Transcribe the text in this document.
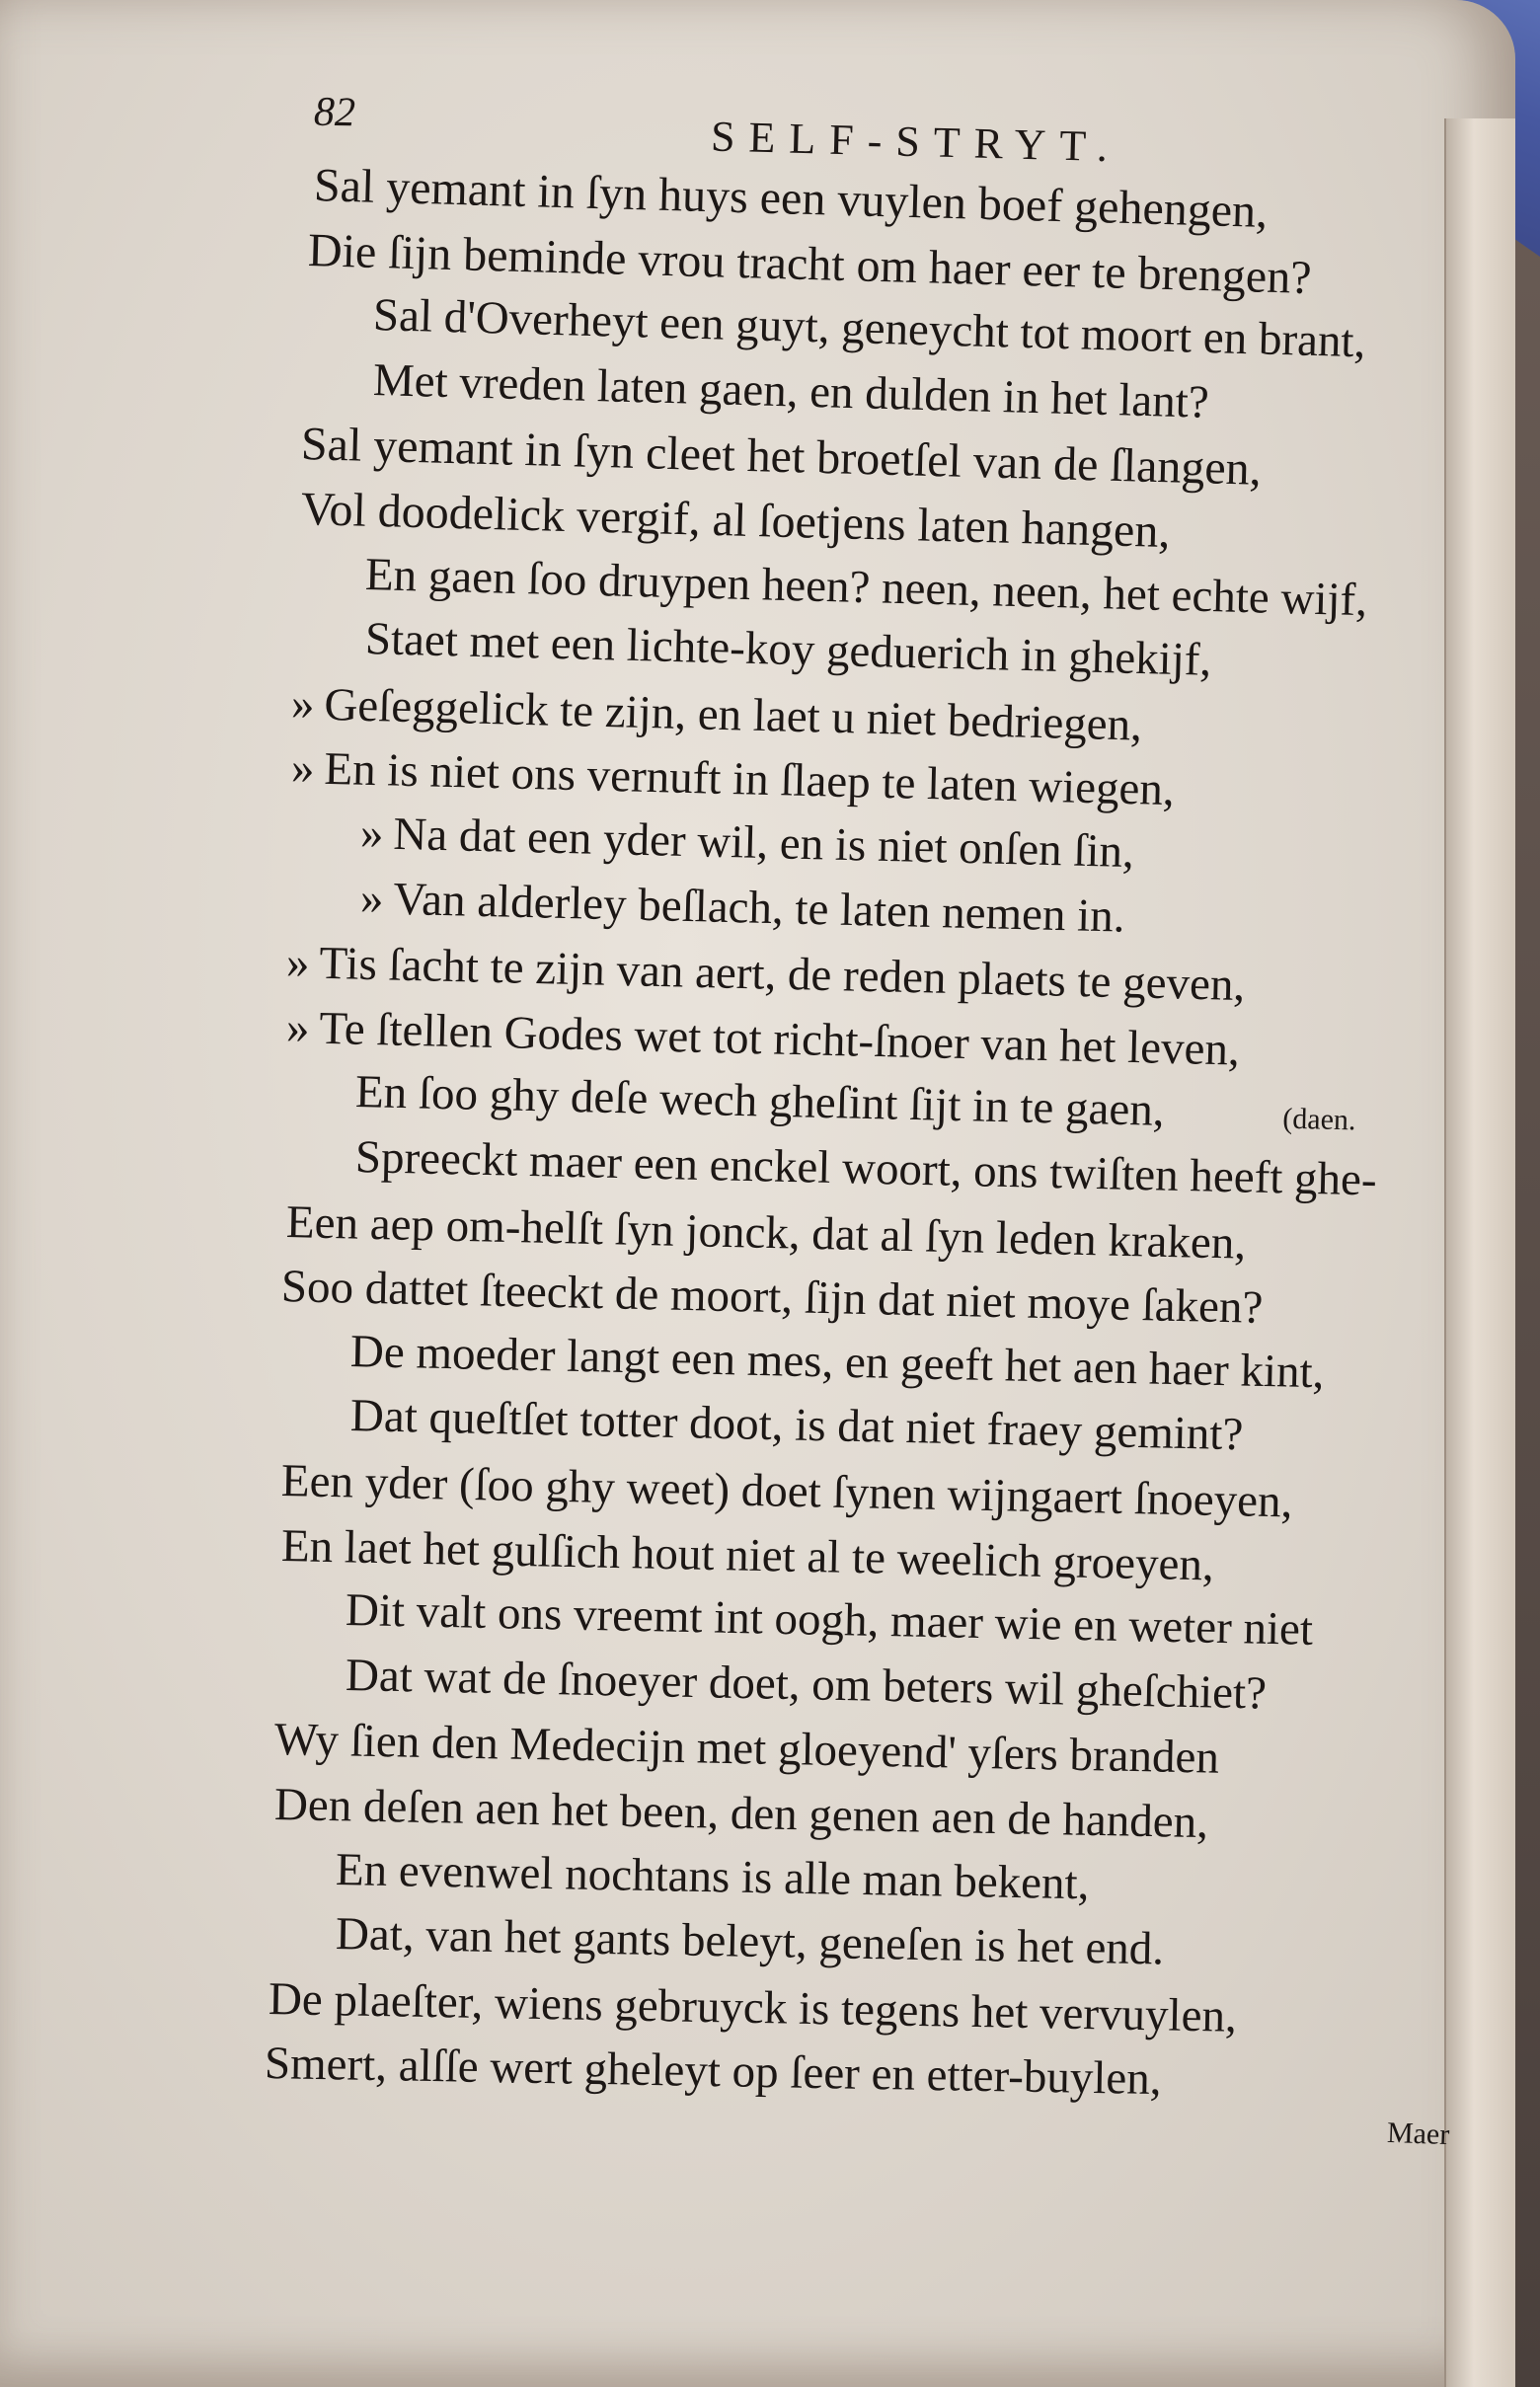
82	SELF-STRYT.
Sal yemant in ſyn huys een vuylen boef gehengen,
Die ſijn beminde vrou tracht om haer eer te brengen?
Sal d'Overheyt een guyt, geneycht tot moort en brant,
Met vreden laten gaen, en dulden in het lant?
Sal yemant in ſyn cleet het broetſel van de ſlangen,
Vol doodelick vergif, al ſoetjens laten hangen,
En gaen ſoo druypen heen? neen, neen, het echte wijf,
Staet met een lichte-koy geduerich in ghekijf,
» Geſeggelick te zijn, en laet u niet bedriegen,
» En is niet ons vernuft in ſlaep te laten wiegen,
» Na dat een yder wil, en is niet onſen ſin,
» Van alderley beſlach, te laten nemen in.
» Tis ſacht te zijn van aert, de reden plaets te geven,
» Te ſtellen Godes wet tot richt-ſnoer van het leven,
En ſoo ghy deſe wech gheſint ſijt in te gaen,	(daen.
Spreeckt maer een enckel woort, ons twiſten heeft ghe-
Een aep om-helſt ſyn jonck, dat al ſyn leden kraken,
Soo dattet ſteeckt de moort, ſijn dat niet moye ſaken?
De moeder langt een mes, en geeft het aen haer kint,
Dat queſtſet totter doot, is dat niet fraey gemint?
Een yder (ſoo ghy weet) doet ſynen wijngaert ſnoeyen,
En laet het gulſich hout niet al te weelich groeyen,
Dit valt ons vreemt int oogh, maer wie en weter niet
Dat wat de ſnoeyer doet, om beters wil gheſchiet?
Wy ſien den Medecijn met gloeyend' yſers branden
Den deſen aen het been, den genen aen de handen,
En evenwel nochtans is alle man bekent,
Dat, van het gants beleyt, geneſen is het end.
De plaeſter, wiens gebruyck is tegens het vervuylen,
Smert, alſſe wert gheleyt op ſeer en etter-buylen,
Maer
